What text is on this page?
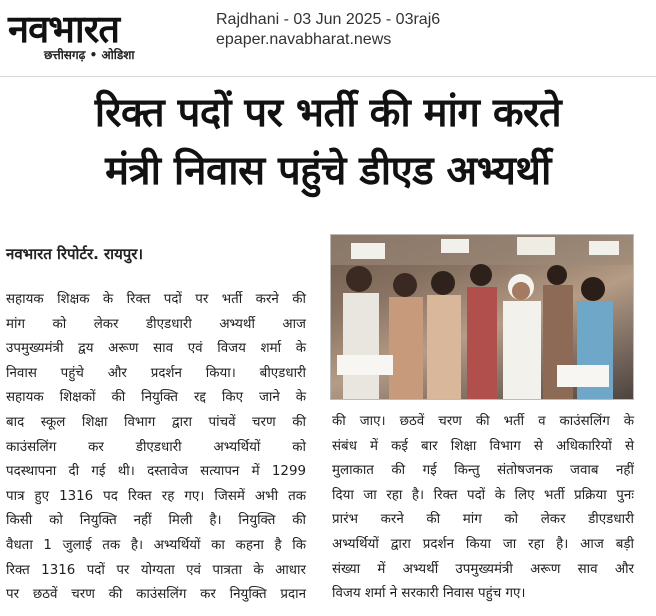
नवभारत
छत्तीसगढ़ • ओडिशा
Rajdhani - 03 Jun 2025 - 03raj6
epaper.navabharat.news
रिक्त पदों पर भर्ती की मांग करते
मंत्री निवास पहुंचे डीएड अभ्यर्थी
नवभारत रिपोर्टर. रायपुर।
सहायक शिक्षक के रिक्त पदों पर भर्ती करने की
मांग को लेकर डीएडधारी अभ्यर्थी आज
उपमुख्यमंत्री द्वय अरूण साव एवं विजय शर्मा के
निवास पहुंचे और प्रदर्शन किया। बीएडधारी
सहायक शिक्षकों की नियुक्ति रद्द किए जाने के
बाद स्कूल शिक्षा विभाग द्वारा पांचवें चरण की
काउंसलिंग कर डीएडधारी अभ्यर्थियों को
पदस्थापना दी गई थी। दस्तावेज सत्यापन में 1299
पात्र हुए 1316 पद रिक्त रह गए। जिसमें अभी तक
किसी को नियुक्ति नहीं मिली है। नियुक्ति की
वैधता 1 जुलाई तक है। अभ्यर्थियों का कहना है कि
रिक्त 1316 पदों पर योग्यता एवं पात्रता के आधार
पर छठवें चरण की काउंसलिंग कर नियुक्ति प्रदान
की जाए। छठवें चरण की भर्ती व काउंसलिंग के
संबंध में कई बार शिक्षा विभाग से अधिकारियों से
मुलाकात की गई किन्तु संतोषजनक जवाब नहीं
दिया जा रहा है। रिक्त पदों के लिए भर्ती प्रक्रिया पुनः
प्रारंभ करने की मांग को लेकर डीएडधारी
अभ्यर्थियों द्वारा प्रदर्शन किया जा रहा है। आज बड़ी
संख्या में अभ्यर्थी उपमुख्यमंत्री अरूण साव और
विजय शर्मा ने सरकारी निवास पहुंच गए।
